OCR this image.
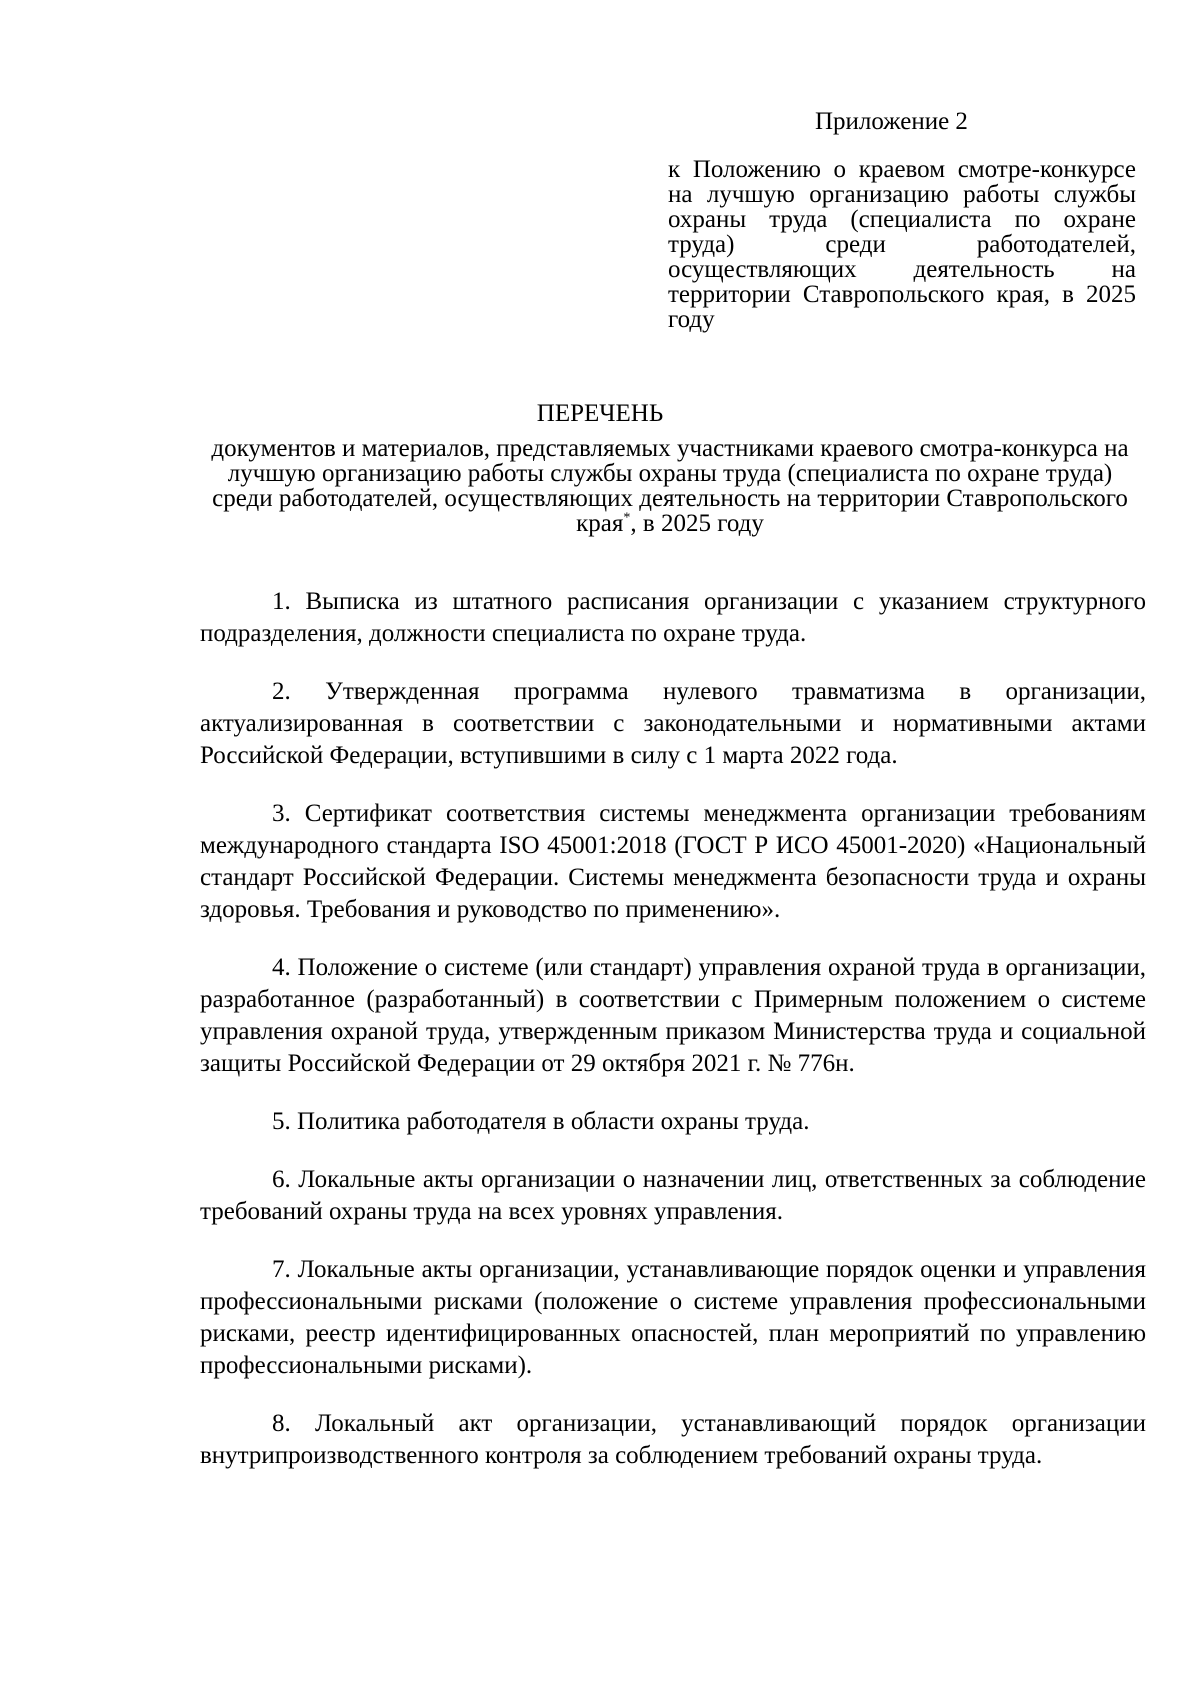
Приложение 2

к Положению о краевом смотре-конкурсе на лучшую организацию работы службы охраны труда (специалиста по охране труда) среди работодателей, осуществляющих деятельность на территории Ставропольского края, в 2025 году

ПЕРЕЧЕНЬ

документов и материалов, представляемых участниками краевого смотра-конкурса на лучшую организацию работы службы охраны труда (специалиста по охране труда) среди работодателей, осуществляющих деятельность на территории Ставропольского края*, в 2025 году

1. Выписка из штатного расписания организации с указанием структурного подразделения, должности специалиста по охране труда.
2. Утвержденная программа нулевого травматизма в организации, актуализированная в соответствии с законодательными и нормативными актами Российской Федерации, вступившими в силу с 1 марта 2022 года.
3. Сертификат соответствия системы менеджмента организации требованиям международного стандарта ISO 45001:2018 (ГОСТ Р ИСО 45001-2020) «Национальный стандарт Российской Федерации. Системы менеджмента безопасности труда и охраны здоровья. Требования и руководство по применению».
4. Положение о системе (или стандарт) управления охраной труда в организации, разработанное (разработанный) в соответствии с Примерным положением о системе управления охраной труда, утвержденным приказом Министерства труда и социальной защиты Российской Федерации от 29 октября 2021 г. № 776н.
5. Политика работодателя в области охраны труда.
6. Локальные акты организации о назначении лиц, ответственных за соблюдение требований охраны труда на всех уровнях управления.
7. Локальные акты организации, устанавливающие порядок оценки и управления профессиональными рисками (положение о системе управления профессиональными рисками, реестр идентифицированных опасностей, план мероприятий по управлению профессиональными рисками).
8. Локальный акт организации, устанавливающий порядок организации внутрипроизводственного контроля за соблюдением требований охраны труда.
